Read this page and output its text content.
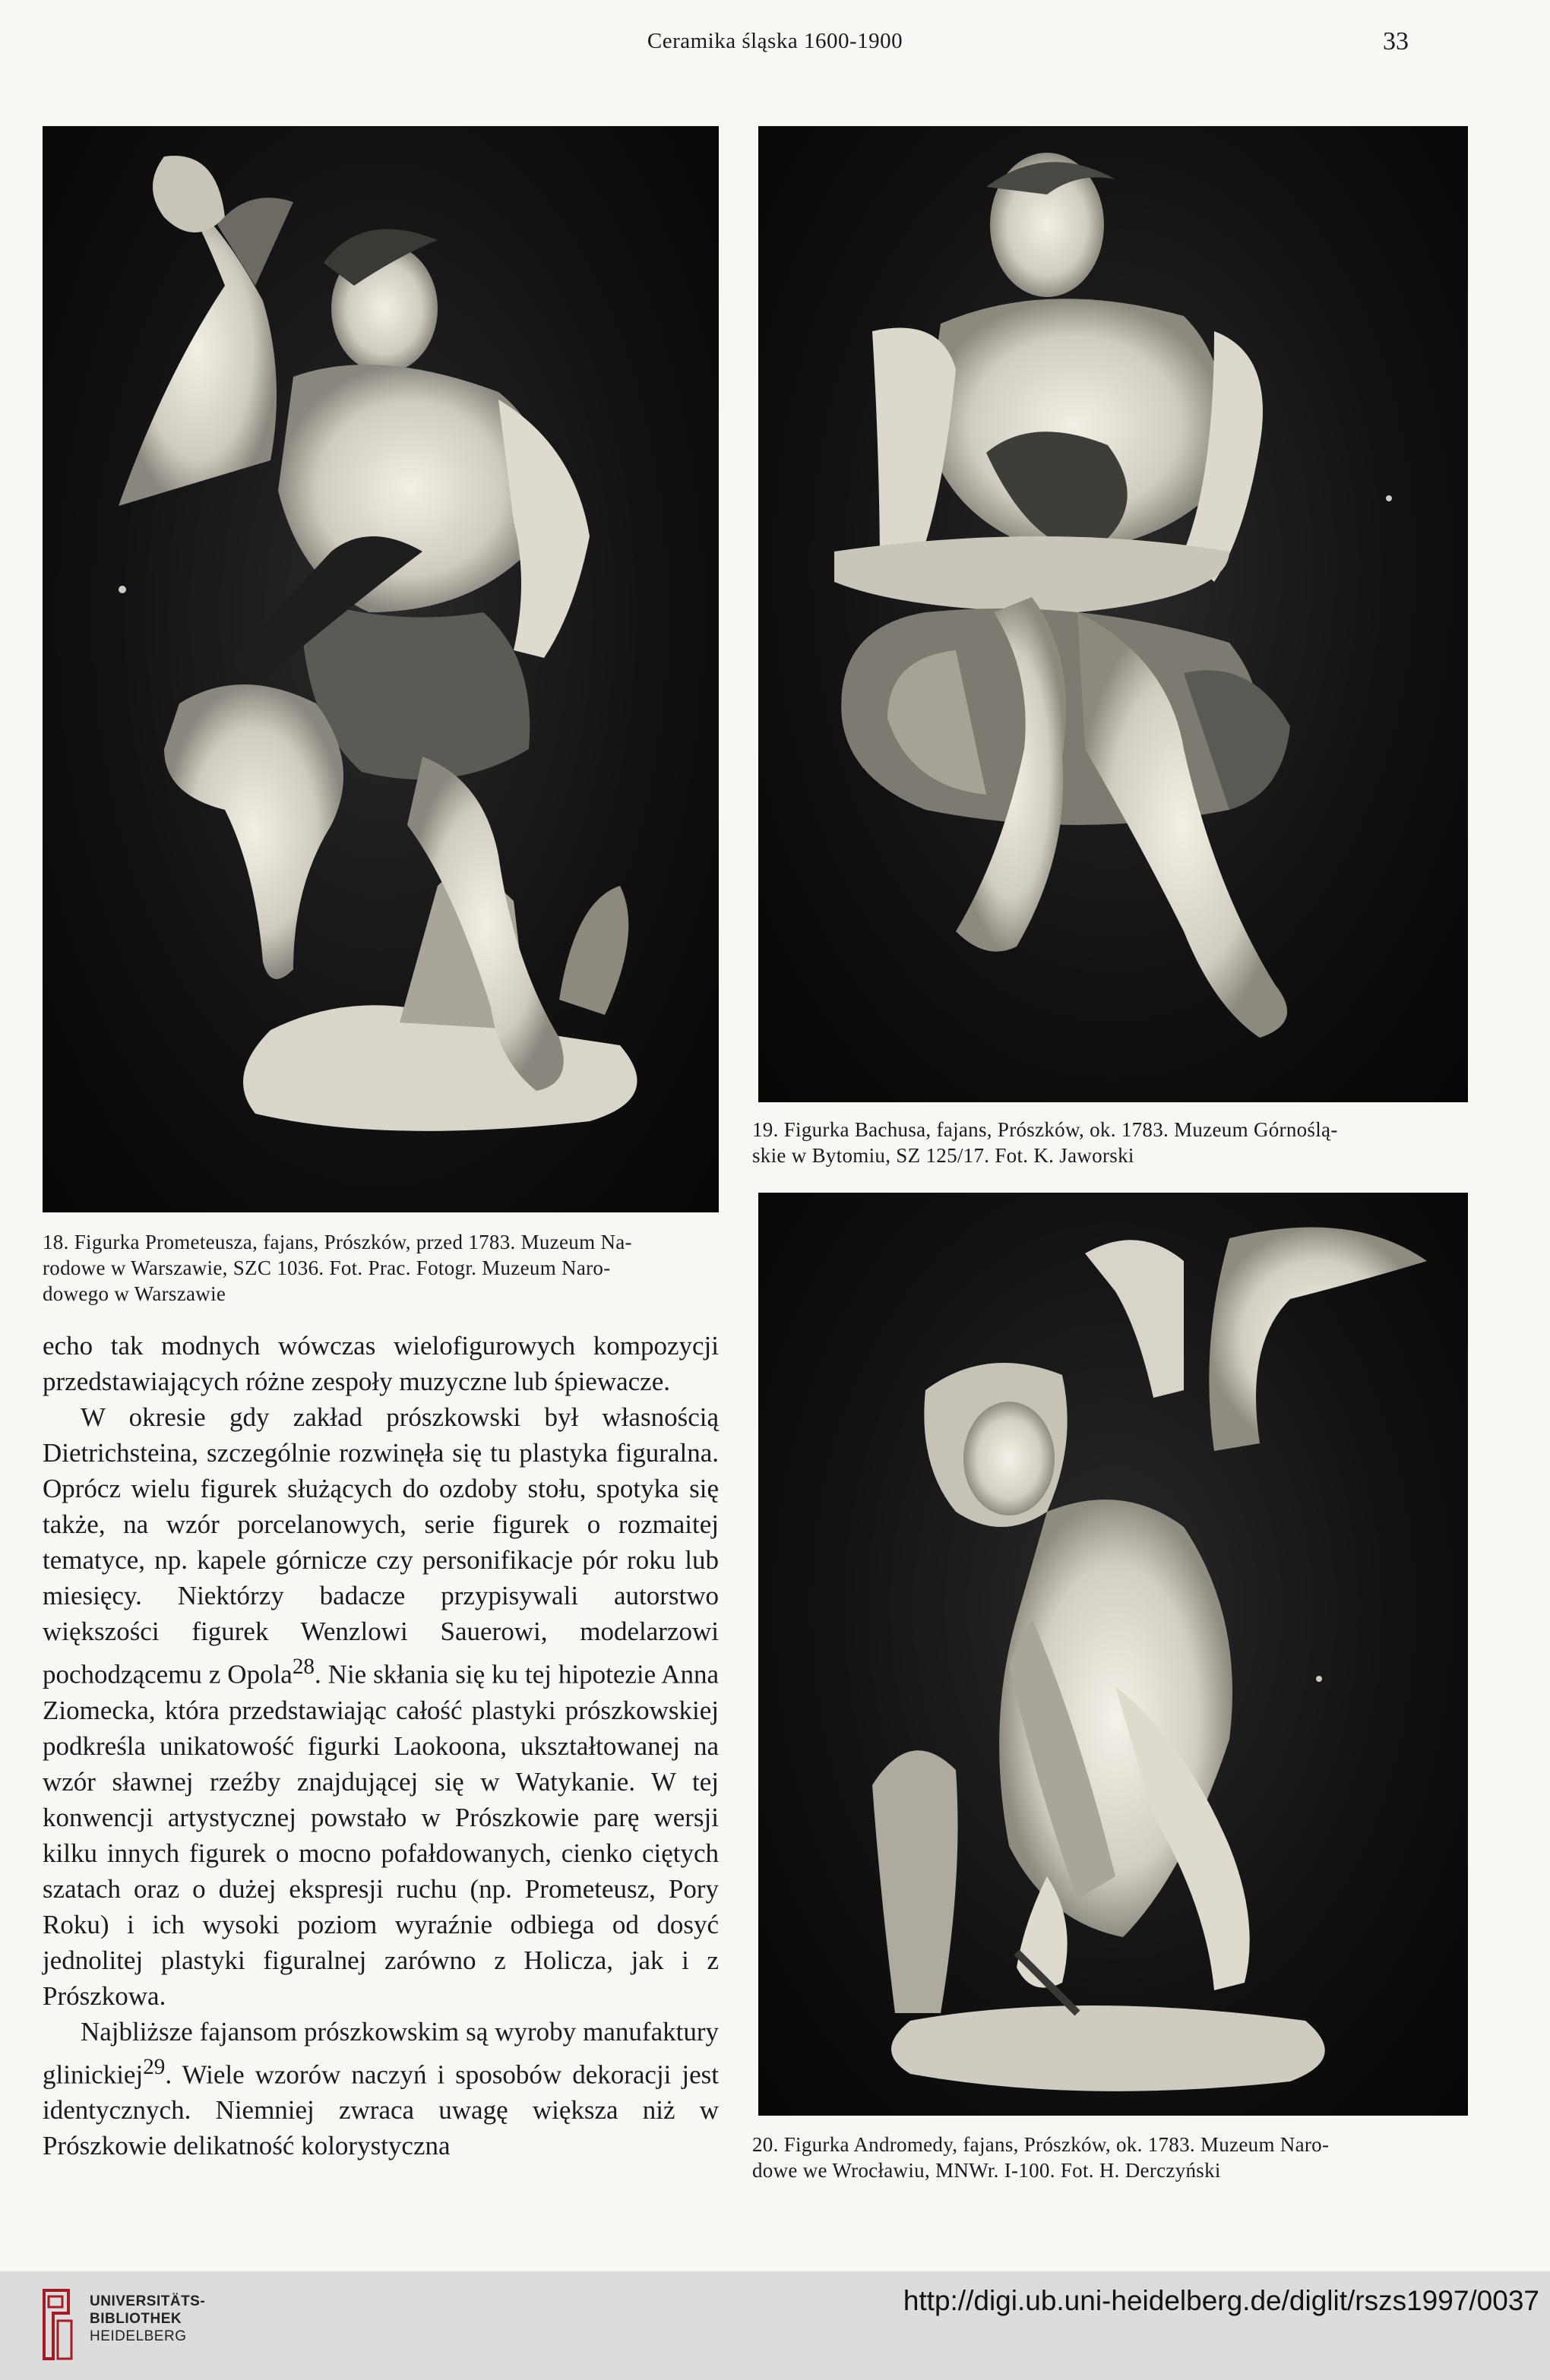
Ceramika śląska 1600-1900	33

18. Figurka Prometeusza, fajans, Prószków, przed 1783. Muzeum Na-

rodowe w Warszawie, SZC 1036. Fot. Prac. Fotogr. Muzeum Naro-

dowego w Warszawie

19. Figurka Bachusa, fajans, Prószków, ok. 1783. Muzeum Górnoślą-

skie w Bytomiu, SZ 125/17. Fot. K. Jaworski

20. Figurka Andromedy, fajans, Prószków, ok. 1783. Muzeum Naro-

dowe we Wrocławiu, MNWr. I-100. Fot. H. Derczyński

echo tak modnych wówczas wielofigurowych kompozycji przedstawiających różne zespoły muzyczne lub śpiewacze.

W okresie gdy zakład prószkowski był własnością Dietrichsteina, szczególnie rozwinęła się tu plastyka figuralna. Oprócz wielu figurek służących do ozdoby stołu, spotyka się także, na wzór porcelanowych, serie figurek o rozmaitej tematyce, np. kapele górnicze czy personifikacje pór roku lub miesięcy. Niektórzy badacze przypisywali autorstwo większości figurek Wenzlowi Sauerowi, modelarzowi pochodzącemu z Opola$^{28}$. Nie skłania się ku tej hipotezie Anna Ziomecka, która przedstawiając całość plastyki prószkowskiej podkreśla unikatowość figurki Laokoona, ukształtowanej na wzór sławnej rzeźby znajdującej się w Watykanie. W tej konwencji artystycznej powstało w Prószkowie parę wersji kilku innych figurek o mocno pofałdowanych, cienko ciętych szatach oraz o dużej ekspresji ruchu (np. Prometeusz, Pory Roku) i ich wysoki poziom wyraźnie odbiega od dosyć jednolitej plastyki figuralnej zarówno z Holicza, jak i z Prószkowa.

Najbliższe fajansom prószkowskim są wyroby manufaktury glinickiej$^{29}$. Wiele wzorów naczyń i sposobów dekoracji jest identycznych. Niemniej zwraca uwagę większa niż w Prószkowie delikatność kolorystyczna

UNIVERSITÄTS-
BIBLIOTHEK
HEIDELBERG
http://digi.ub.uni-heidelberg.de/diglit/rszs1997/0037
